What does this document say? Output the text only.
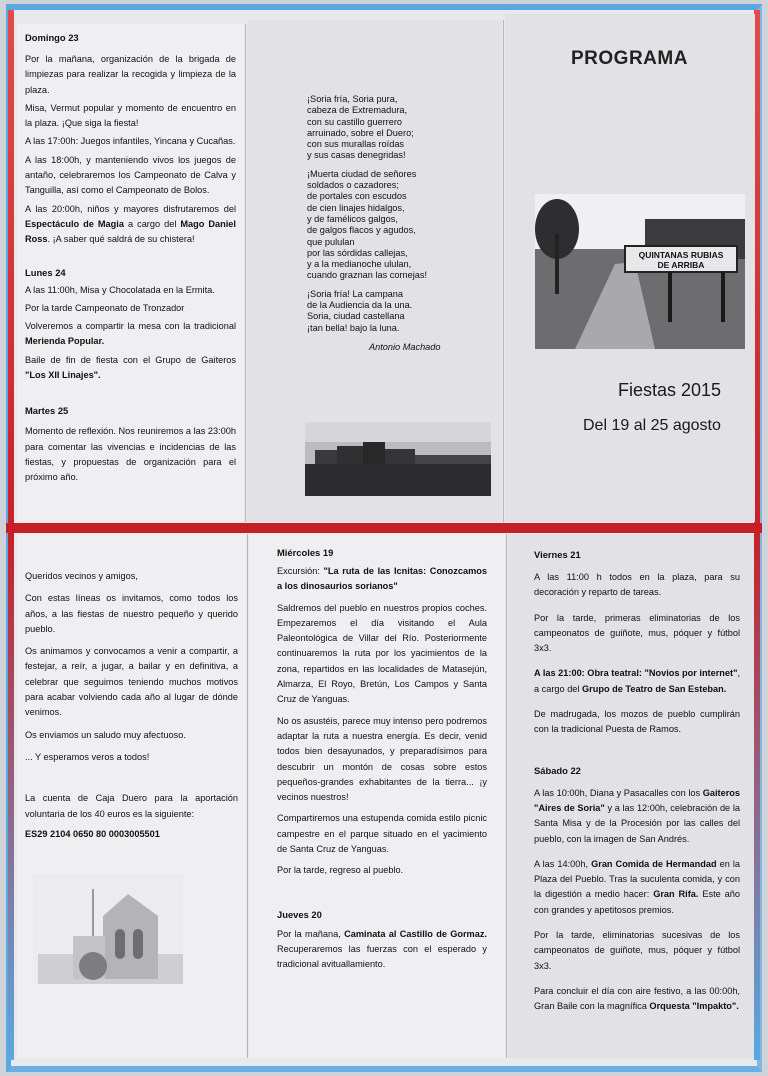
Domingo 23

Por la mañana, organización de la brigada de limpiezas para realizar la recogida y limpieza de la plaza.

Misa, Vermut popular y momento de encuentro en la plaza. ¡Que siga la fiesta!

A las 17:00h: Juegos infantiles, Yincana y Cucañas.

A las 18:00h, y manteniendo vivos los juegos de antaño, celebraremos los Campeonato de Calva y Tanguilla, así como el Campeonato de Bolos.

A las 20:00h, niños y mayores disfrutaremos del Espectáculo de Magia a cargo del Mago Daniel Ross. ¡A saber qué saldrá de su chistera!

Lunes 24

A las 11:00h, Misa y Chocolatada en la Ermita.

Por la tarde Campeonato de Tronzador

Volveremos a compartir la mesa con la tradicional Merienda Popular.

Baile de fin de fiesta con el Grupo de Gaiteros "Los XII Linajes".

Martes 25

Momento de reflexión. Nos reuniremos a las 23:00h para comentar las vivencias e incidencias de las fiestas, y propuestas de organización para el próximo año.

¡Soria fría, Soria pura,
cabeza de Extremadura,
con su castillo guerrero
arruinado, sobre el Duero;
con sus murallas roídas
y sus casas denegridas!

¡Muerta ciudad de señores
soldados o cazadores;
de portales con escudos
de cien linajes hidalgos,
y de famélicos galgos,
de galgos flacos y agudos,
que pululan
por las sórdidas callejas,
y a la medianoche ululan,
cuando graznan las cornejas!

¡Soria fría! La campana
de la Audiencia da la una.
Soria, ciudad castellana
¡tan bella! bajo la luna.

Antonio Machado

PROGRAMA
QUINTANAS RUBIAS
DE ARRIBA
Fiestas 2015
Del 19 al 25 agosto

Queridos vecinos y amigos,

Con estas líneas os invitamos, como todos los años, a las fiestas de nuestro pequeño y querido pueblo.

Os animamos y convocamos a venir a compartir, a festejar, a reír, a jugar, a bailar y en definitiva, a celebrar que seguimos teniendo muchos motivos para acabar volviendo cada año al lugar de dónde venimos.

Os enviamos un saludo muy afectuoso.

... Y esperamos veros a todos!

La cuenta de Caja Duero para la aportación voluntaria de los 40 euros es la siguiente:

ES29 2104 0650 80 0003005501

Miércoles 19

Excursión: "La ruta de las Icnitas: Conozcamos a los dinosaurios sorianos"

Saldremos del pueblo en nuestros propios coches. Empezaremos el día visitando el Aula Paleontológica de Villar del Río. Posteriormente continuaremos la ruta por los yacimientos de la zona, repartidos en las localidades de Matasejún, Almarza, El Royo, Bretún, Los Campos y Santa Cruz de Yanguas.

No os asustéis, parece muy intenso pero podremos adaptar la ruta a nuestra energía. Es decir, venid todos bien desayunados, y preparadísimos para descubrir un montón de cosas sobre estos pequeños-grandes exhabitantes de la tierra... ¡y vecinos nuestros!

Compartiremos una estupenda comida estilo picnic campestre en el parque situado en el yacimiento de Santa Cruz de Yanguas.

Por la tarde, regreso al pueblo.

Jueves 20

Por la mañana, Caminata al Castillo de Gormaz. Recuperaremos las fuerzas con el esperado y tradicional avituallamiento.

Viernes 21

A las 11:00 h todos en la plaza, para su decoración y reparto de tareas.

Por la tarde, primeras eliminatorias de los campeonatos de guiñote, mus, póquer y fútbol 3x3.

A las 21:00: Obra teatral: "Novios por internet", a cargo del Grupo de Teatro de San Esteban.

De madrugada, los mozos de pueblo cumplirán con la tradicional Puesta de Ramos.

Sábado 22

A las 10:00h, Diana y Pasacalles con los Gaiteros "Aires de Soria" y a las 12:00h, celebración de la Santa Misa y de la Procesión por las calles del pueblo, con la imagen de San Andrés.

A las 14:00h, Gran Comida de Hermandad en la Plaza del Pueblo. Tras la suculenta comida, y con la digestión a medio hacer: Gran Rifa. Este año con grandes y apetitosos premios.

Por la tarde, eliminatorias sucesivas de los campeonatos de guiñote, mus, póquer y fútbol 3x3.

Para concluir el día con aire festivo, a las 00:00h, Gran Baile con la magnífica Orquesta "Impakto".
